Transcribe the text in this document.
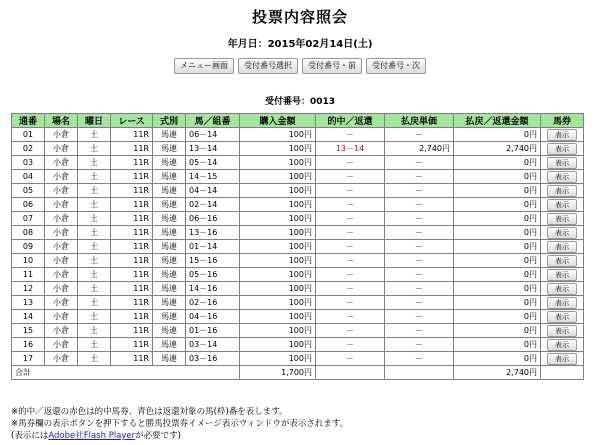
投票内容照会
年月日：2015年02月14日(土)
メニュー画面 受付番号選択 受付番号・前 受付番号・次
受付番号：0013
通番	場名	曜日	レース	式別	馬／組番	購入金額	的中／返還	払戻単価	払戻／返還金額	馬券
01	小倉	土	11R	馬連	06－14	100円	－	－	0円	表示
02	小倉	土	11R	馬連	13－14	100円	13－14	2,740円	2,740円	表示
03	小倉	土	11R	馬連	05－14	100円	－	－	0円	表示
04	小倉	土	11R	馬連	14－15	100円	－	－	0円	表示
05	小倉	土	11R	馬連	04－14	100円	－	－	0円	表示
06	小倉	土	11R	馬連	02－14	100円	－	－	0円	表示
07	小倉	土	11R	馬連	06－16	100円	－	－	0円	表示
08	小倉	土	11R	馬連	13－16	100円	－	－	0円	表示
09	小倉	土	11R	馬連	01－14	100円	－	－	0円	表示
10	小倉	土	11R	馬連	15－16	100円	－	－	0円	表示
11	小倉	土	11R	馬連	05－16	100円	－	－	0円	表示
12	小倉	土	11R	馬連	14－16	100円	－	－	0円	表示
13	小倉	土	11R	馬連	02－16	100円	－	－	0円	表示
14	小倉	土	11R	馬連	04－16	100円	－	－	0円	表示
15	小倉	土	11R	馬連	01－16	100円	－	－	0円	表示
16	小倉	土	11R	馬連	03－14	100円	－	－	0円	表示
17	小倉	土	11R	馬連	03－16	100円	－	－	0円	表示
合計						1,700円			2,740円	
※的中／返還の赤色は的中馬券、青色は返還対象の馬(枠)番を表します。
※馬券欄の表示ボタンを押下すると勝馬投票券イメージ表示ウィンドウが表示されます。
(表示にはAdobe社Flash Playerが必要です)
